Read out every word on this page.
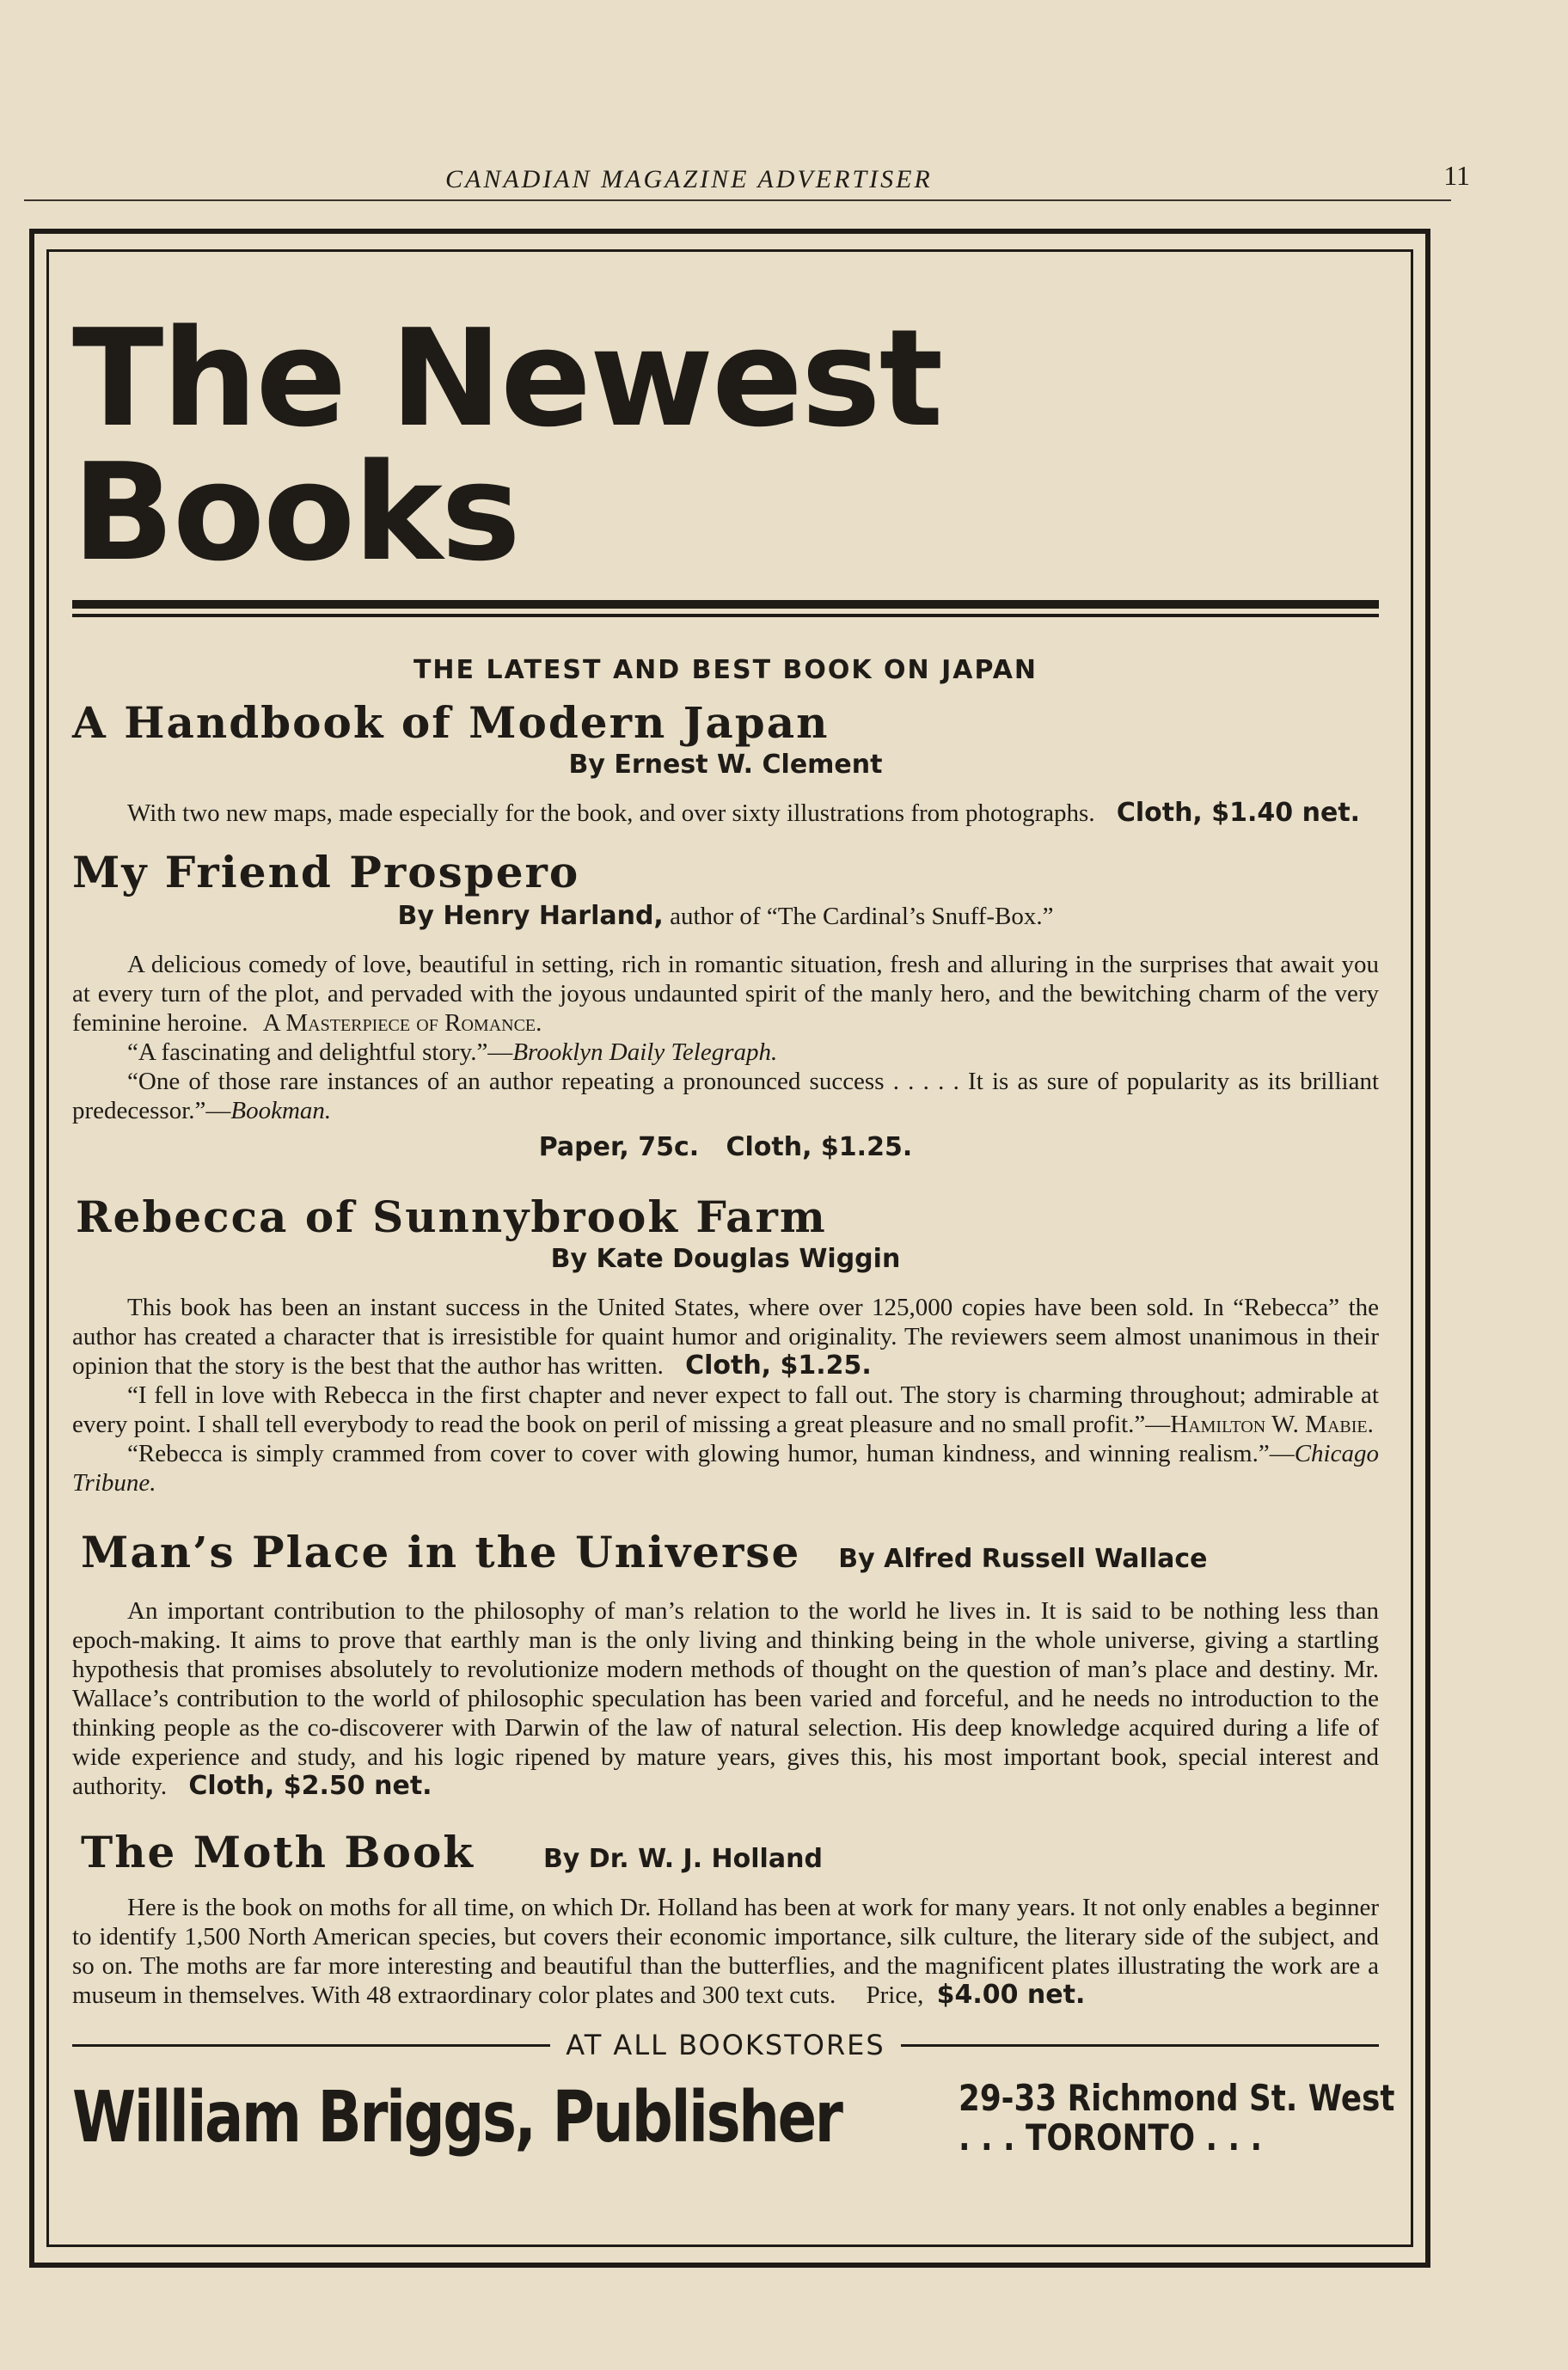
CANADIAN MAGAZINE ADVERTISER	11
The Newest Books
THE LATEST AND BEST BOOK ON JAPAN
A Handbook of Modern Japan
By Ernest W. Clement

With two new maps, made especially for the book, and over sixty illustrations from photographs. Cloth, $1.40 net.

My Friend Prospero
By Henry Harland, author of “The Cardinal’s Snuff-Box.”

A delicious comedy of love, beautiful in setting, rich in romantic situation, fresh and alluring in the surprises that await you at every turn of the plot, and pervaded with the joyous undaunted spirit of the manly hero, and the bewitching charm of the very feminine heroine. A Masterpiece of Romance.

“A fascinating and delightful story.”—Brooklyn Daily Telegraph.

“One of those rare instances of an author repeating a pronounced success . . . . . It is as sure of popularity as its brilliant predecessor.”—Bookman.

Paper, 75c.   Cloth, $1.25.
Rebecca of Sunnybrook Farm
By Kate Douglas Wiggin

This book has been an instant success in the United States, where over 125,000 copies have been sold. In “Rebecca” the author has created a character that is irresistible for quaint humor and originality. The reviewers seem almost unanimous in their opinion that the story is the best that the author has written. Cloth, $1.25.

“I fell in love with Rebecca in the first chapter and never expect to fall out. The story is charming throughout; admirable at every point. I shall tell everybody to read the book on peril of missing a great pleasure and no small profit.”—Hamilton W. Mabie.

“Rebecca is simply crammed from cover to cover with glowing humor, human kindness, and winning realism.”—Chicago Tribune.

Man’s Place in the Universe By Alfred Russell Wallace

An important contribution to the philosophy of man’s relation to the world he lives in. It is said to be nothing less than epoch-making. It aims to prove that earthly man is the only living and thinking being in the whole universe, giving a startling hypothesis that promises absolutely to revolutionize modern methods of thought on the question of man’s place and destiny. Mr. Wallace’s contribution to the world of philosophic speculation has been varied and forceful, and he needs no introduction to the thinking people as the co-discoverer with Darwin of the law of natural selection. His deep knowledge acquired during a life of wide experience and study, and his logic ripened by mature years, gives this, his most important book, special interest and authority. Cloth, $2.50 net.

The Moth Book	By Dr. W. J. Holland

Here is the book on moths for all time, on which Dr. Holland has been at work for many years. It not only enables a beginner to identify 1,500 North American species, but covers their economic importance, silk culture, the literary side of the subject, and so on. The moths are far more interesting and beautiful than the butterflies, and the magnificent plates illustrating the work are a museum in themselves. With 48 extraordinary color plates and 300 text cuts. Price, $4.00 net.

AT ALL BOOKSTORES
William Briggs, Publisher	29-33 Richmond St. West
. . . TORONTO . . .
